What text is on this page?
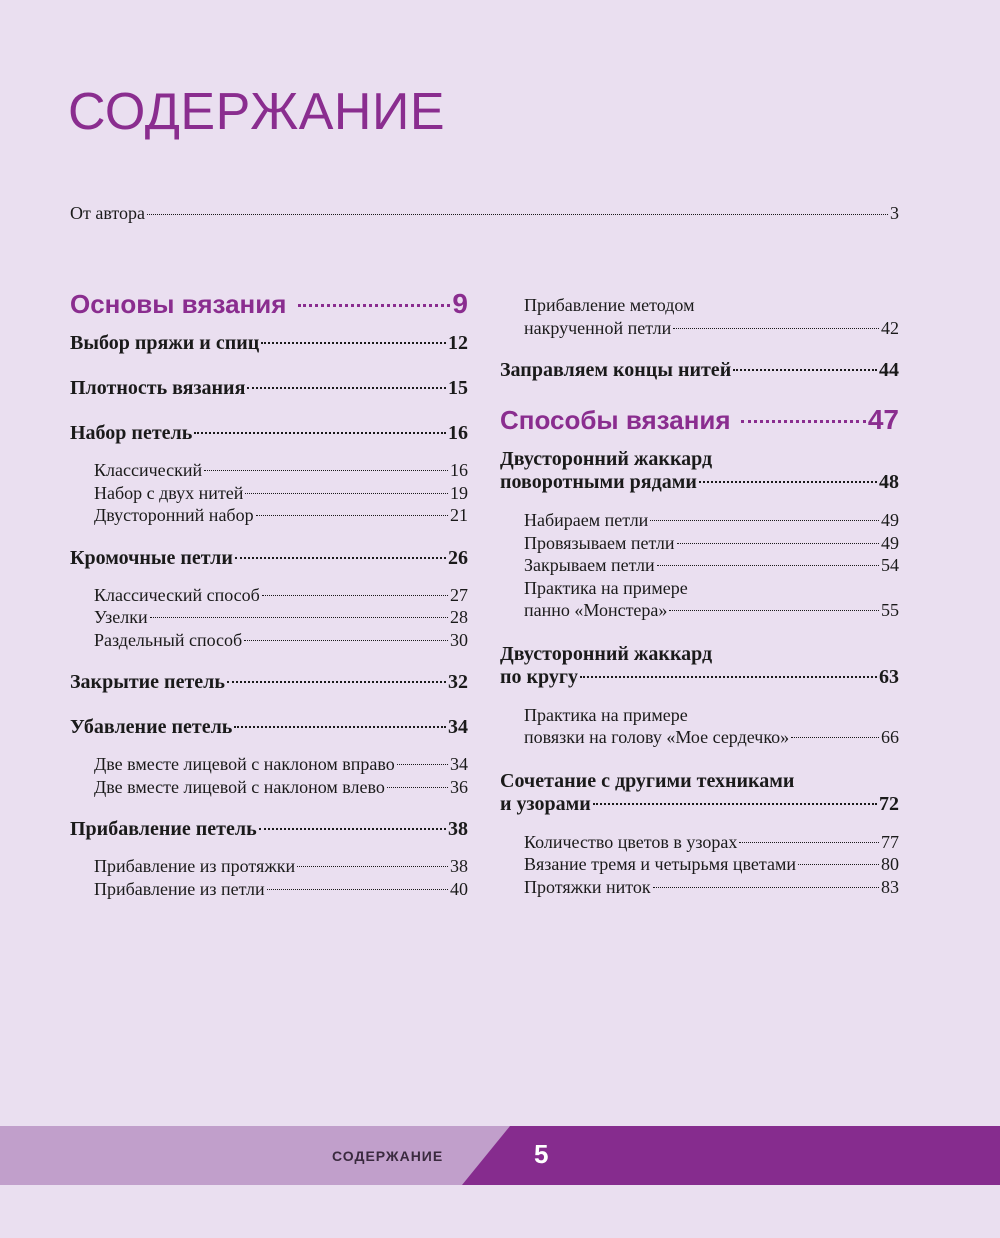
СОДЕРЖАНИЕ
От автора	3
Основы вязания	9
Выбор пряжи и спиц	12
Плотность вязания	15
Набор петель	16
Классический	16
Набор с двух нитей	19
Двусторонний набор	21
Кромочные петли	26
Классический способ	27
Узелки	28
Раздельный способ	30
Закрытие петель	32
Убавление петель	34
Две вместе лицевой с наклоном вправо	34
Две вместе лицевой с наклоном влево	36
Прибавление петель	38
Прибавление из протяжки	38
Прибавление из петли	40
Прибавление методом
накрученной петли	42
Заправляем концы нитей	44
Способы вязания	47
Двусторонний жаккард
поворотными рядами	48
Набираем петли	49
Провязываем петли	49
Закрываем петли	54
Практика на примере
панно «Монстера»	55
Двусторонний жаккард
по кругу	63
Практика на примере
повязки на голову «Мое сердечко»	66
Сочетание с другими техниками
и узорами	72
Количество цветов в узорах	77
Вязание тремя и четырьмя цветами	80
Протяжки ниток	83
СОДЕРЖАНИЕ	5
